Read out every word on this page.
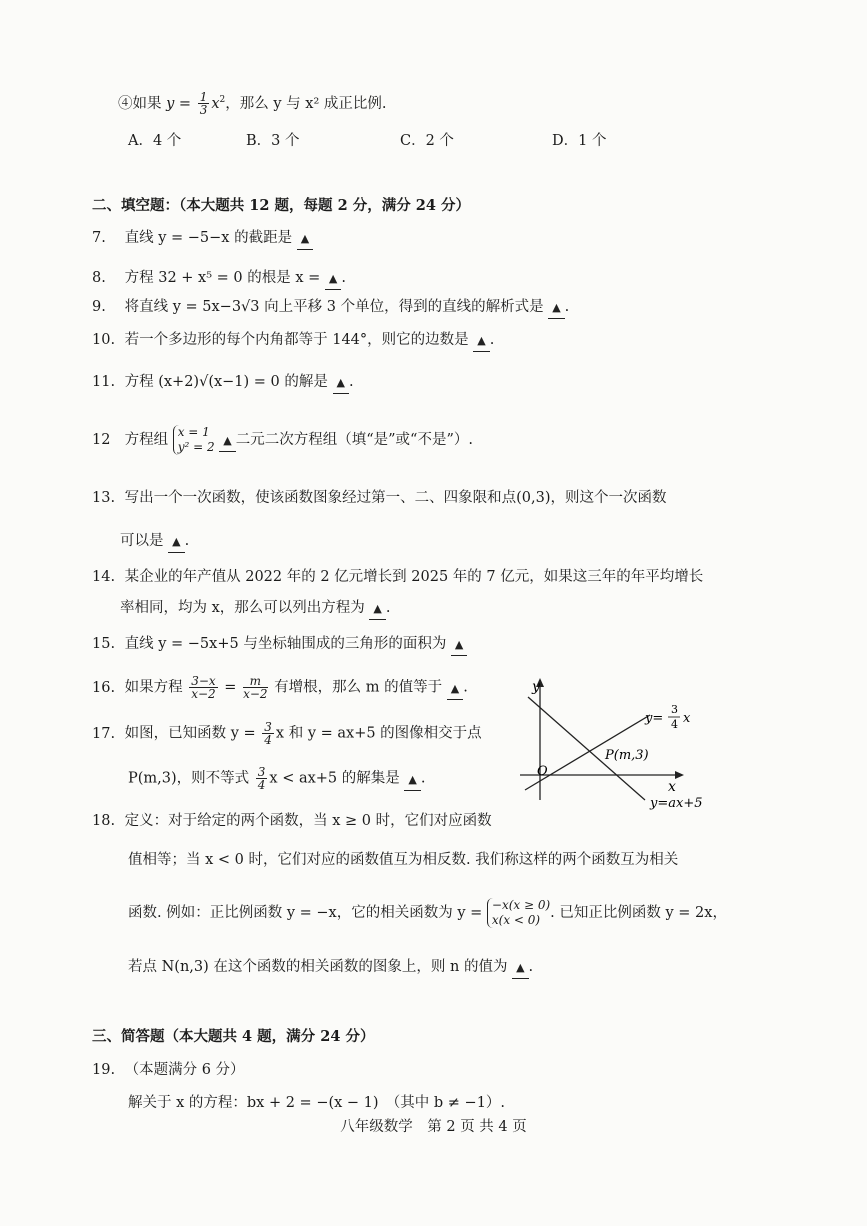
④如果 $y = \frac{1}{3} x^2$，那么 y 与 x² 成正比例.
A．4 个	B．3 个	C．2 个	D．1 个
二、填空题：（本大题共 12 题，每题 2 分，满分 24 分）
7. 直线 y = −5−x 的截距是 ▲
8. 方程 32 + x⁵ = 0 的根是 x = ▲ .
9. 将直线 y = 5x−3√3 向上平移 3 个单位，得到的直线的解析式是 ▲ .
10. 若一个多边形的每个内角都等于 144°，则它的边数是 ▲ .
11. 方程 (x+2)√(x−1) = 0 的解是 ▲ .
12 方程组 x = 1
y² = 2 ▲ 二元二次方程组（填“是”或“不是”）.
13. 写出一个一次函数，使该函数图象经过第一、二、四象限和点(0,3)，则这个一次函数
可以是 ▲ .
14. 某企业的年产值从 2022 年的 2 亿元增长到 2025 年的 7 亿元，如果这三年的年平均增长
率相同，均为 x，那么可以列出方程为 ▲ .
15. 直线 y = −5x+5 与坐标轴围成的三角形的面积为 ▲
16. 如果方程 $\frac{3-x}{x-2} = \frac{m}{x-2}$ 有增根，那么 m 的值等于 ▲ .
17. 如图，已知函数 $y = \frac{3}{4}$ x 和 y = ax+5 的图像相交于点
P(m,3)，则不等式 $\frac{3}{4}$ x < ax+5 的解集是 ▲ .
y
x
O
y=
3
4 x
P(m,3)
y=ax+5
18. 定义：对于给定的两个函数，当 x ≥ 0 时，它们对应函数
值相等；当 x < 0 时，它们对应的函数值互为相反数. 我们称这样的两个函数互为相关
函数. 例如：正比例函数 y = −x，它的相关函数为 y = −x(x ≥ 0)
x(x < 0) . 已知正比例函数 y = 2x，
若点 N(n,3) 在这个函数的相关函数的图象上，则 n 的值为 ▲ .
三、简答题（本大题共 4 题，满分 24 分）
19. （本题满分 6 分）
解关于 x 的方程：bx + 2 = −(x − 1)　（其中 b ≠ −1）.
八年级数学　第 2 页 共 4 页
